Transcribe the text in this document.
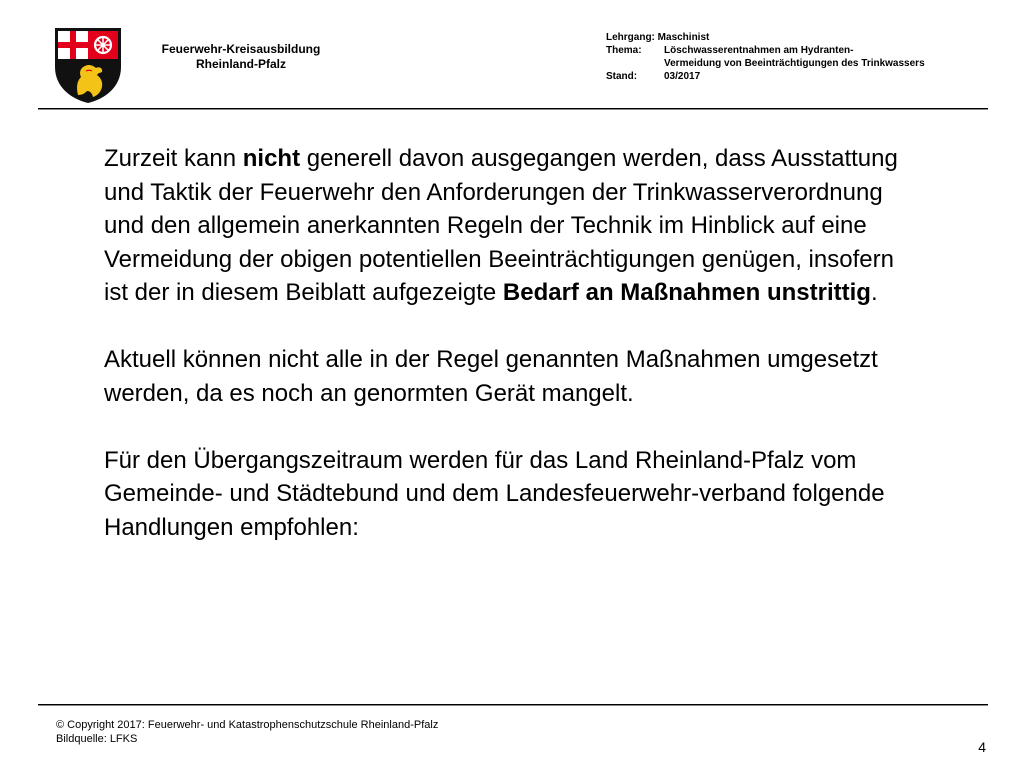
Feuerwehr-Kreisausbildung
Rheinland-Pfalz
Lehrgang:
Maschinist
Thema:	Löschwasserentnahmen am Hydranten-
Vermeidung von Beeinträchtigungen des Trinkwassers
Stand:	03/2017

Zurzeit kann nicht generell davon ausgegangen werden, dass Ausstattung und Taktik der Feuerwehr den Anforderungen der Trinkwasserverordnung und den allgemein anerkannten Regeln der Technik im Hinblick auf eine Vermeidung der obigen potentiellen Beeinträchtigungen genügen, insofern ist der in diesem Beiblatt aufgezeigte Bedarf an Maßnahmen unstrittig.

Aktuell können nicht alle in der Regel genannten Maßnahmen umgesetzt werden, da es noch an genormten Gerät mangelt.

Für den Übergangszeitraum werden für das Land Rheinland-Pfalz vom Gemeinde- und Städtebund und dem Landesfeuerwehr-verband folgende Handlungen empfohlen:

© Copyright 2017: Feuerwehr- und Katastrophenschutzschule Rheinland-Pfalz
Bildquelle: LFKS	4
